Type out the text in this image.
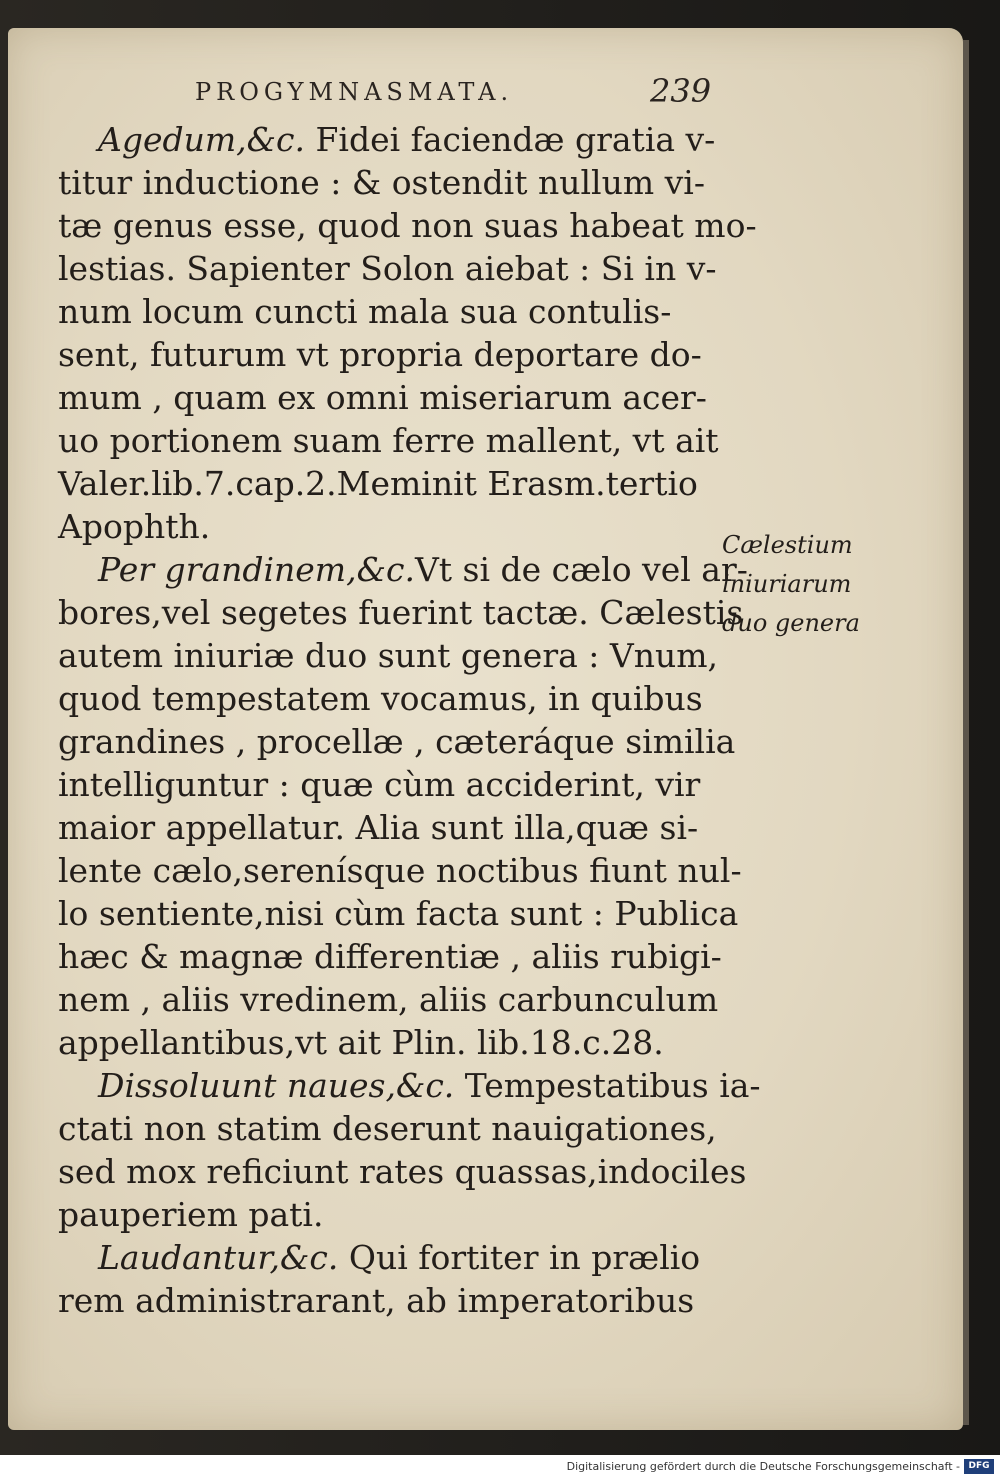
PROGYMNASMATA.	239
Agedum,&c. Fidei faciendæ gratia v-
titur inductione : & ostendit nullum vi-
tæ genus esse, quod non suas habeat mo-
lestias. Sapienter Solon aiebat : Si in v-
num locum cuncti mala sua contulis-
sent, futurum vt propria deportare do-
mum , quam ex omni miseriarum acer-
uo portionem suam ferre mallent, vt ait
Valer.lib.7.cap.2.Meminit Erasm.tertio
Apophth.
Per grandinem,&c.Vt si de cælo vel ar-
bores,vel segetes fuerint tactæ. Cælestis
autem iniuriæ duo sunt genera : Vnum,
quod tempestatem vocamus, in quibus
grandines , procellæ , cæteráque similia
intelliguntur : quæ cùm acciderint, vir
maior appellatur. Alia sunt illa,quæ si-
lente cælo,serenísque noctibus fiunt nul-
lo sentiente,nisi cùm facta sunt : Publica
hæc & magnæ differentiæ , aliis rubigi-
nem , aliis vredinem, aliis carbunculum
appellantibus,vt ait Plin. lib.18.c.28.
Dissoluunt naues,&c. Tempestatibus ia-
ctati non statim deserunt nauigationes,
sed mox reficiunt rates quassas,indociles
pauperiem pati.
Laudantur,&c. Qui fortiter in prælio
rem administrarant, ab imperatoribus
Cælestium
iniuriarum
duo genera
Digitalisierung gefördert durch die Deutsche Forschungsgemeinschaft - DFG
